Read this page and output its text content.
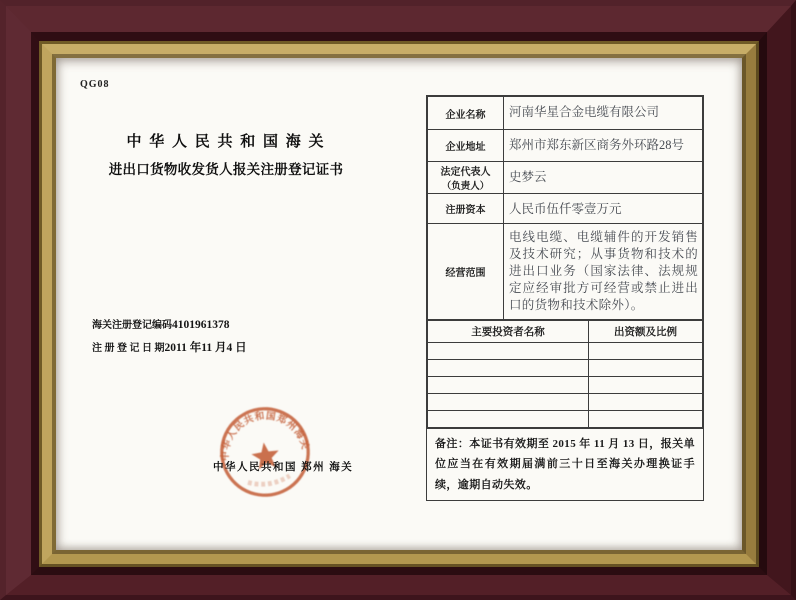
QG08
中 华 人 民 共 和 国 海 关
进出口货物收发货人报关注册登记证书
海关注册登记编码4101961378
注 册 登 记 日 期2011 年11 月4 日
中华人民共和国郑州海关
中华人民共和国 郑州 海关
企业名称	河南华星合金电缆有限公司
企业地址	郑州市郑东新区商务外环路28号
法定代表人
（负责人）	史梦云
注册资本	人民币伍仟零壹万元
经营范围	电线电缆、电缆辅件的开发销售及技术研究；从事货物和技术的进出口业务（国家法律、法规规定应经审批方可经营或禁止进出口的货物和技术除外）。
主要投资者名称	出资额及比例

备注：本证书有效期至 2015 年 11 月 13 日，报关单位应当在有效期届满前三十日至海关办理换证手续，逾期自动失效。
